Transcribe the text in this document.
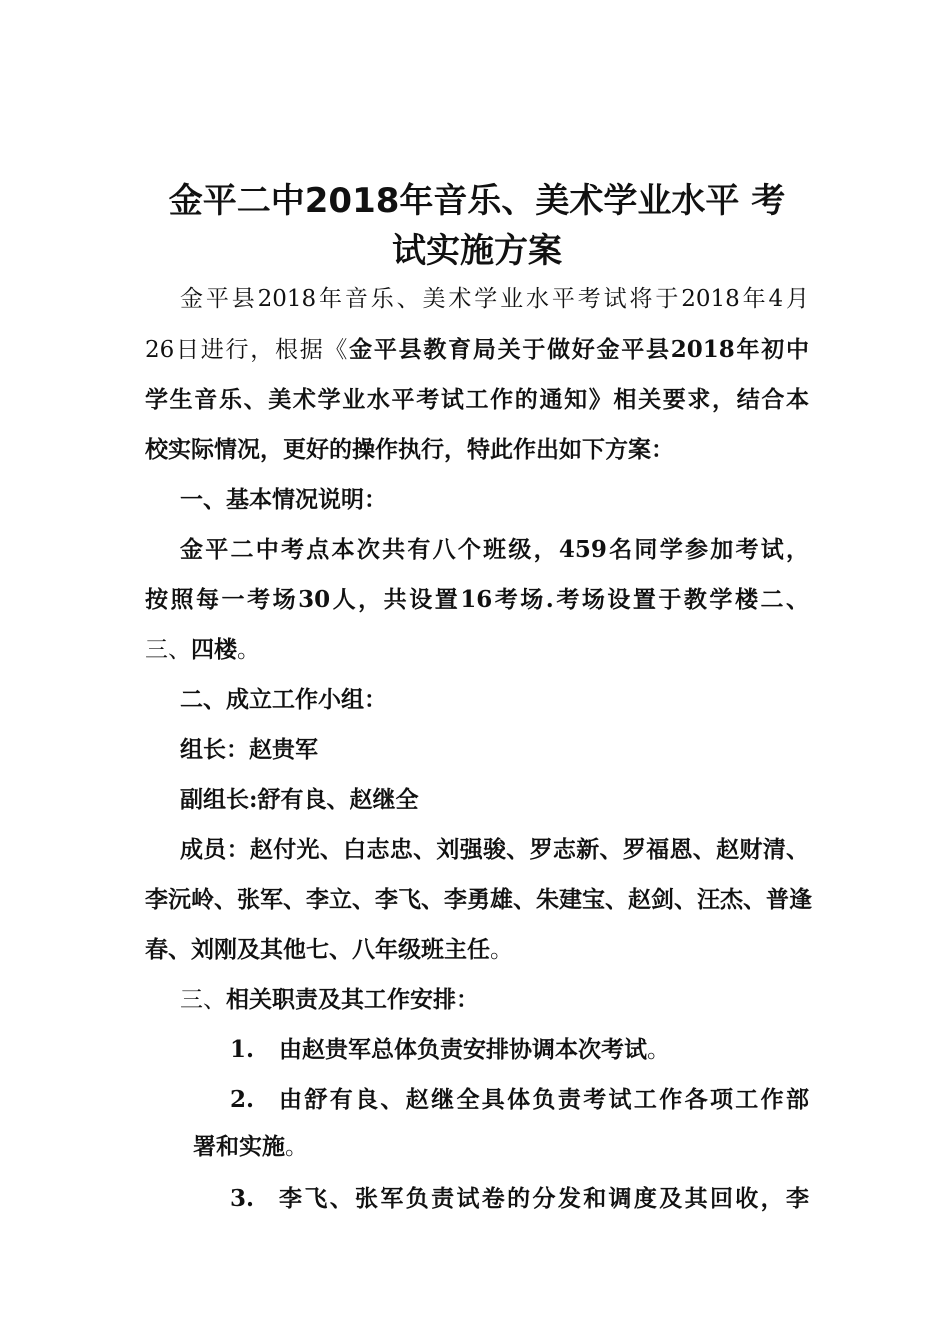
金平二中2018年音乐、美术学业水平 考
试实施方案
金平县2018年音乐、美术学业水平考试将于2018年4月
26日进行，根据《金平县教育局关于做好金平县2018年初中
学生音乐、美术学业水平考试工作的通知》相关要求，结合本
校实际情况，更好的操作执行，特此作出如下方案：
一、基本情况说明：
金平二中考点本次共有八个班级，459名同学参加考试，
按照每一考场30人，共设置16考场.考场设置于教学楼二、
三、四楼。
二、成立工作小组：
组长：赵贵军
副组长:舒有良、赵继全
成员：赵付光、白志忠、刘强骏、罗志新、罗福恩、赵财清、
李沅岭、张军、李立、李飞、李勇雄、朱建宝、赵剑、汪杰、普逢
春、刘刚及其他七、八年级班主任。
三、相关职责及其工作安排：
1. 由赵贵军总体负责安排协调本次考试。
2. 由舒有良、赵继全具体负责考试工作各项工作部
署和实施。
3. 李飞、张军负责试卷的分发和调度及其回收，李
